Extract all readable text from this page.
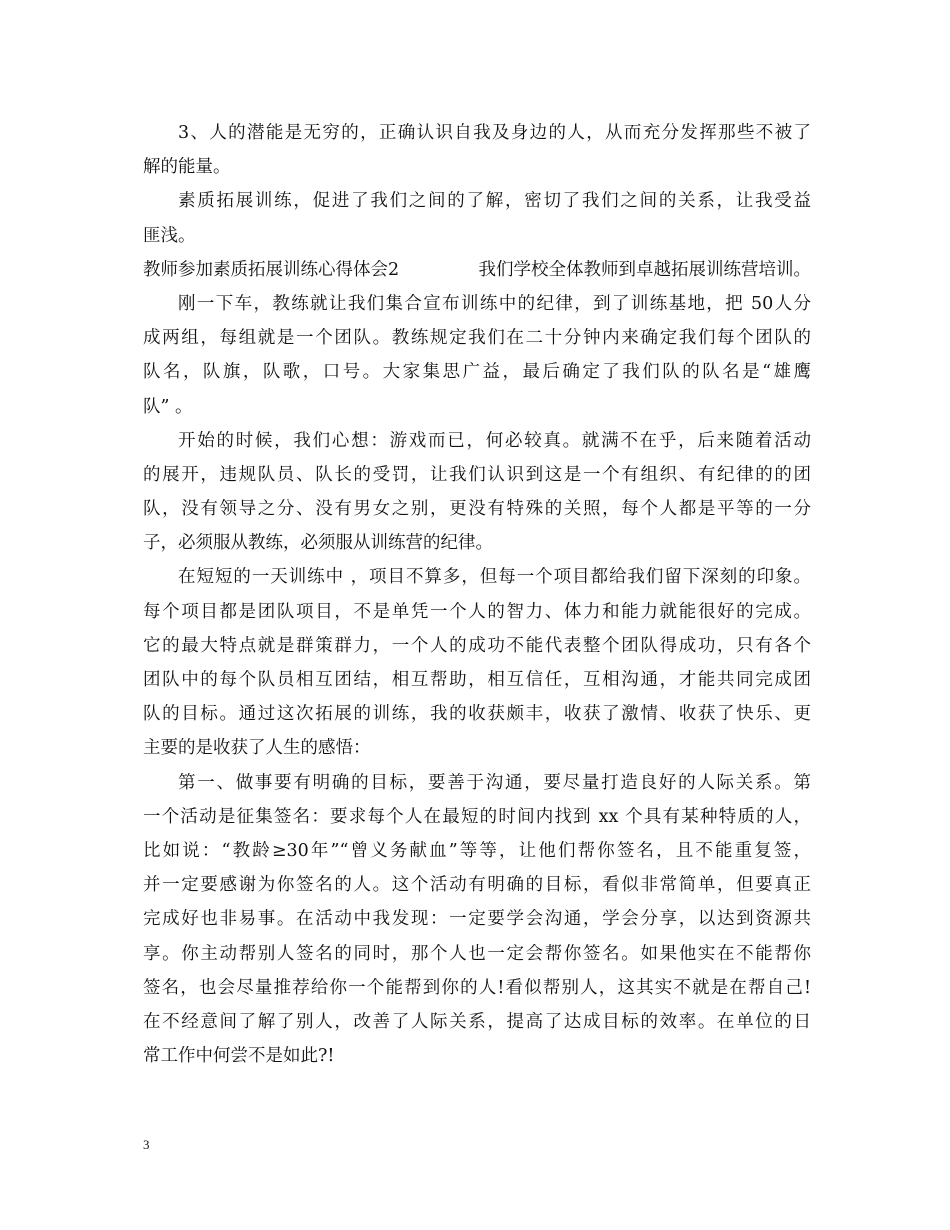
3、人的潜能是无穷的，正确认识自我及身边的人，从而充分发挥那些不被了
解的能量。
素质拓展训练，促进了我们之间的了解，密切了我们之间的关系，让我受益
匪浅。
教师参加素质拓展训练心得体会2	我们学校全体教师到卓越拓展训练营培训。
刚一下车，教练就让我们集合宣布训练中的纪律，到了训练基地，把 50人分
成两组，每组就是一个团队。教练规定我们在二十分钟内来确定我们每个团队的
队名，队旗，队歌，口号。大家集思广益，最后确定了我们队的队名是“雄鹰
队” 。
开始的时候，我们心想：游戏而已，何必较真。就满不在乎，后来随着活动
的展开，违规队员、队长的受罚，让我们认识到这是一个有组织、有纪律的的团
队，没有领导之分、没有男女之别，更没有特殊的关照，每个人都是平等的一分
子，必须服从教练，必须服从训练营的纪律。
在短短的一天训练中 ，项目不算多，但每一个项目都给我们留下深刻的印象。
每个项目都是团队项目，不是单凭一个人的智力、体力和能力就能很好的完成。
它的最大特点就是群策群力，一个人的成功不能代表整个团队得成功，只有各个
团队中的每个队员相互团结，相互帮助，相互信任，互相沟通，才能共同完成团
队的目标。通过这次拓展的训练，我的收获颇丰，收获了激情、收获了快乐、更
主要的是收获了人生的感悟：
第一、做事要有明确的目标，要善于沟通，要尽量打造良好的人际关系。第
一个活动是征集签名：要求每个人在最短的时间内找到 xx 个具有某种特质的人，
比如说：“教龄≥30年”“曾义务献血”等等，让他们帮你签名，且不能重复签，
并一定要感谢为你签名的人。这个活动有明确的目标，看似非常简单，但要真正
完成好也非易事。在活动中我发现：一定要学会沟通，学会分享，以达到资源共
享。你主动帮别人签名的同时，那个人也一定会帮你签名。如果他实在不能帮你
签名，也会尽量推荐给你一个能帮到你的人!看似帮别人，这其实不就是在帮自己!
在不经意间了解了别人，改善了人际关系，提高了达成目标的效率。在单位的日
常工作中何尝不是如此?!
3
